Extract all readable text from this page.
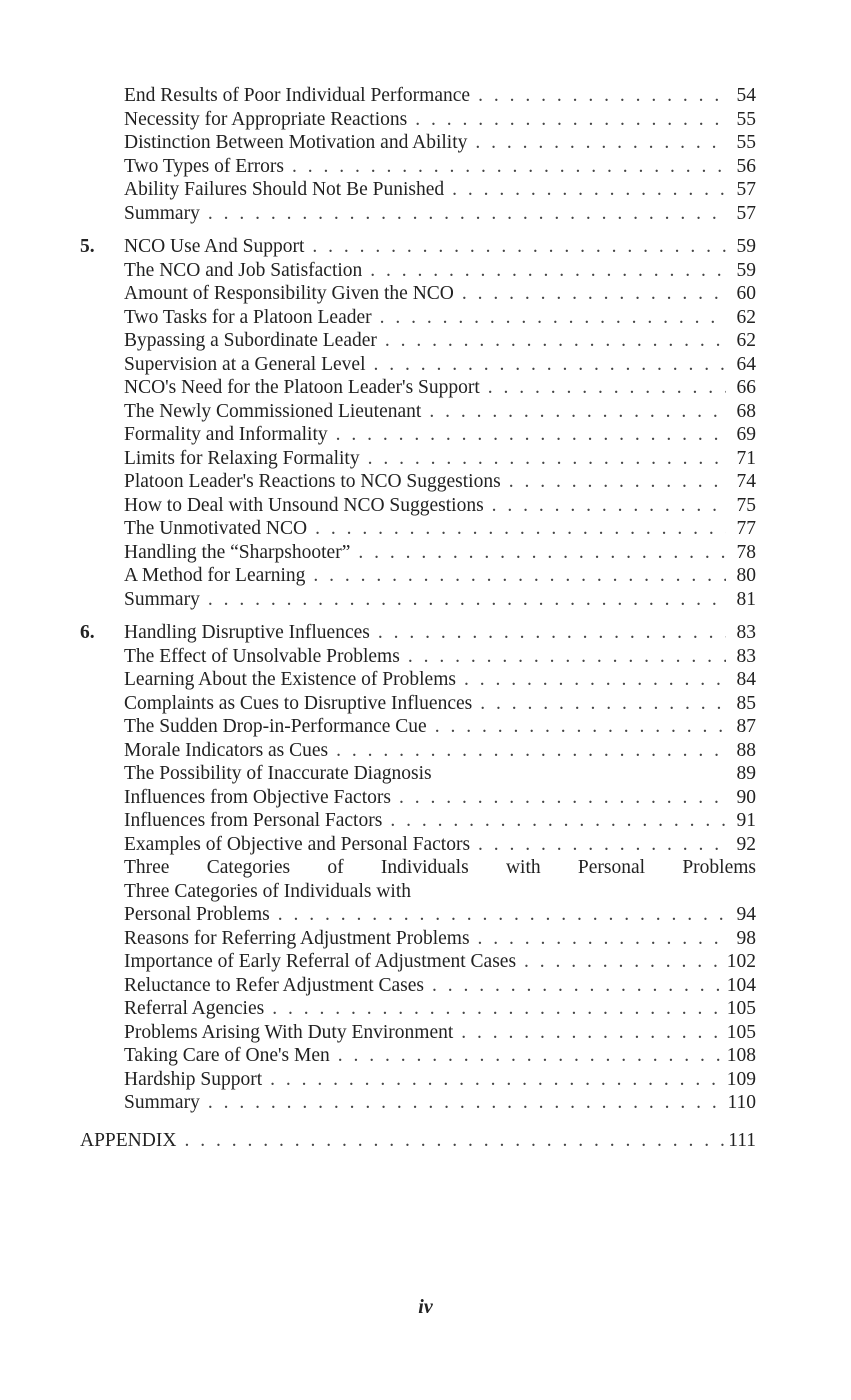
End Results of Poor Individual Performance . . .	54
Necessity for Appropriate Reactions . . .	55
Distinction Between Motivation and Ability . . .	55
Two Types of Errors . . .	56
Ability Failures Should Not Be Punished . . .	57
Summary . . .	57
5.	NCO Use And Support . . .	59
The NCO and Job Satisfaction . . .	59
Amount of Responsibility Given the NCO . . .	60
Two Tasks for a Platoon Leader . . .	62
Bypassing a Subordinate Leader . . .	62
Supervision at a General Level . . .	64
NCO's Need for the Platoon Leader's Support . . .	66
The Newly Commissioned Lieutenant . . .	68
Formality and Informality . . .	69
Limits for Relaxing Formality . . .	71
Platoon Leader's Reactions to NCO Suggestions . . .	74
How to Deal with Unsound NCO Suggestions . . .	75
The Unmotivated NCO . . .	77
Handling the “Sharpshooter” . . .	78
A Method for Learning . . .	80
Summary . . .	81
6.	Handling Disruptive Influences . . .	83
The Effect of Unsolvable Problems . . .	83
Learning About the Existence of Problems . . .	84
Complaints as Cues to Disruptive Influences . . .	85
The Sudden Drop-in-Performance Cue . . .	87
Morale Indicators as Cues . . .	88
The Possibility of Inaccurate Diagnosis	89
Influences from Objective Factors . . .	90
Influences from Personal Factors . . .	91
Examples of Objective and Personal Factors . . .	92
Three Categories of Individuals with Personal Problems
Three Categories of Individuals with
Personal Problems . . .	94
Reasons for Referring Adjustment Problems . . .	98
Importance of Early Referral of Adjustment Cases . . .	102
Reluctance to Refer Adjustment Cases . . .	104
Referral Agencies . . .	105
Problems Arising With Duty Environment . . .	105
Taking Care of One's Men . . .	108
Hardship Support . . .	109
Summary . . .	110
APPENDIX . . .	111
iv
